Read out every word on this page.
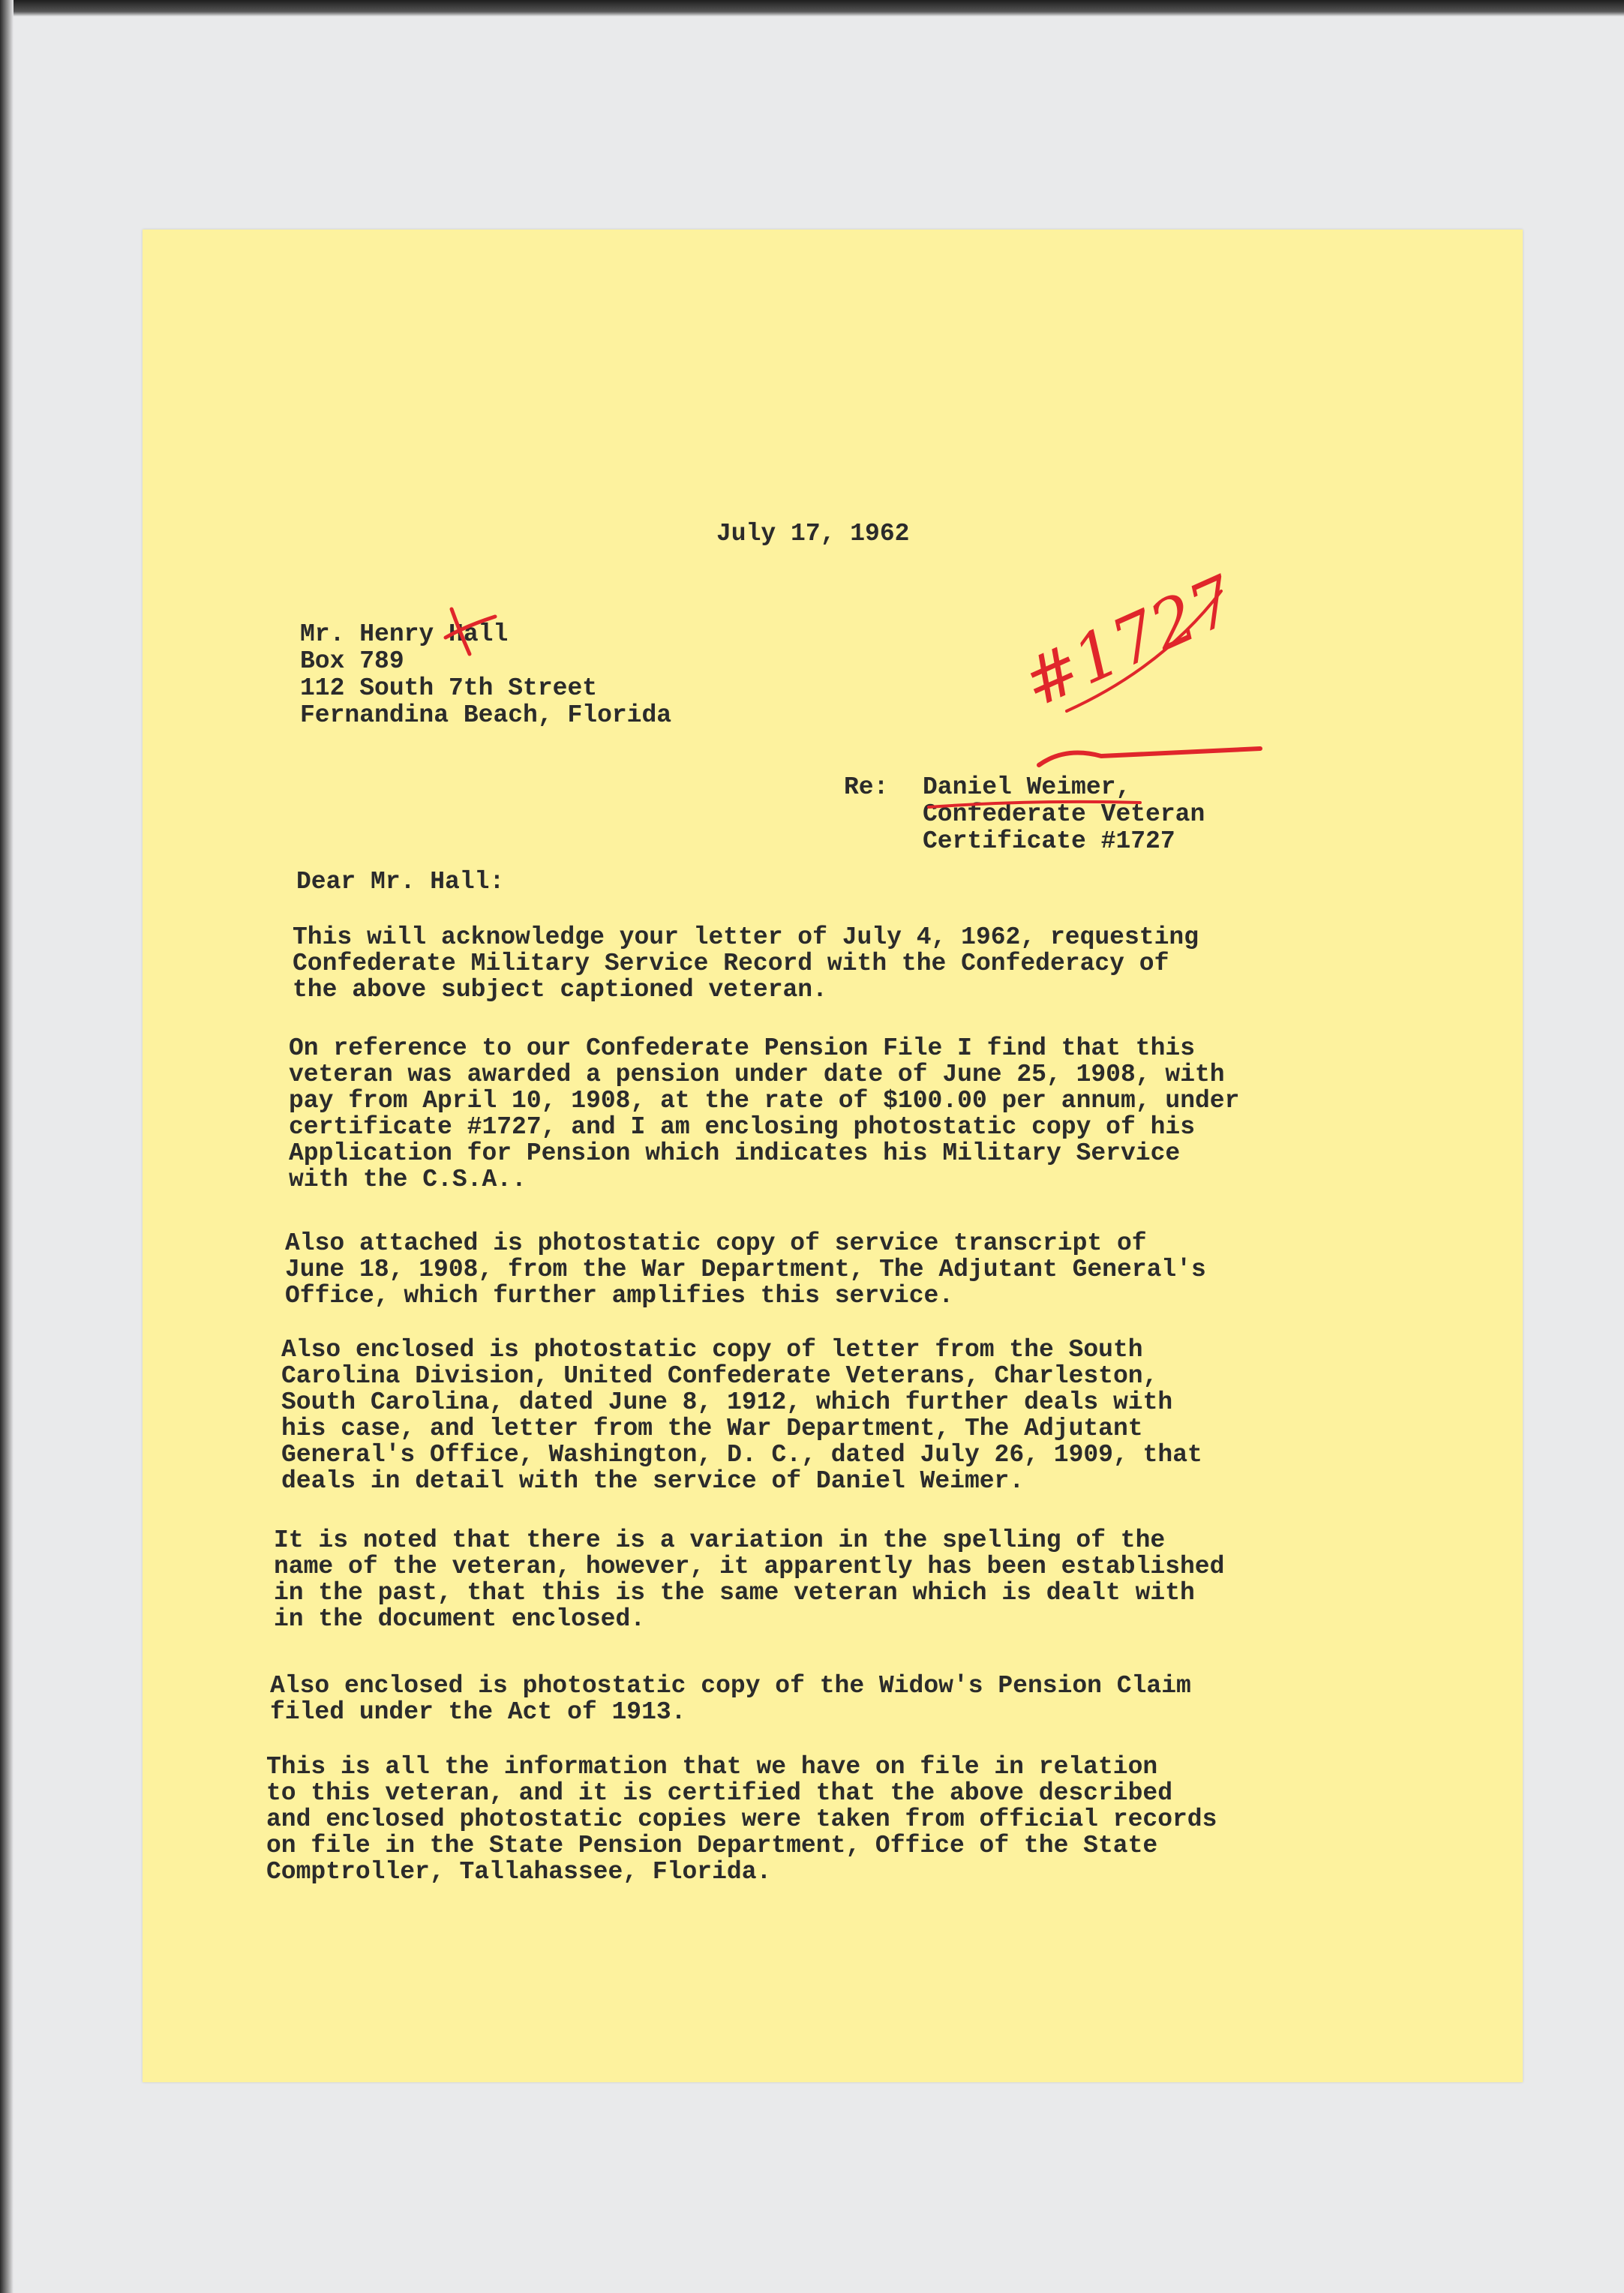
July 17, 1962
Mr. Henry Hall
Box 789
112 South 7th Street
Fernandina Beach, Florida
Re: Daniel Weimer,
Confederate Veteran
Certificate #1727
Dear Mr. Hall:
This will acknowledge your letter of July 4, 1962, requesting
Confederate Military Service Record with the Confederacy of
the above subject captioned veteran.
On reference to our Confederate Pension File I find that this
veteran was awarded a pension under date of June 25, 1908, with
pay from April 10, 1908, at the rate of $100.00 per annum, under
certificate #1727, and I am enclosing photostatic copy of his
Application for Pension which indicates his Military Service
with the C.S.A..
Also attached is photostatic copy of service transcript of
June 18, 1908, from the War Department, The Adjutant General's
Office, which further amplifies this service.
Also enclosed is photostatic copy of letter from the South
Carolina Division, United Confederate Veterans, Charleston,
South Carolina, dated June 8, 1912, which further deals with
his case, and letter from the War Department, The Adjutant
General's Office, Washington, D. C., dated July 26, 1909, that
deals in detail with the service of Daniel Weimer.
It is noted that there is a variation in the spelling of the
name of the veteran, however, it apparently has been established
in the past, that this is the same veteran which is dealt with
in the document enclosed.
Also enclosed is photostatic copy of the Widow's Pension Claim
filed under the Act of 1913.
This is all the information that we have on file in relation
to this veteran, and it is certified that the above described
and enclosed photostatic copies were taken from official records
on file in the State Pension Department, Office of the State
Comptroller, Tallahassee, Florida.
#1727
